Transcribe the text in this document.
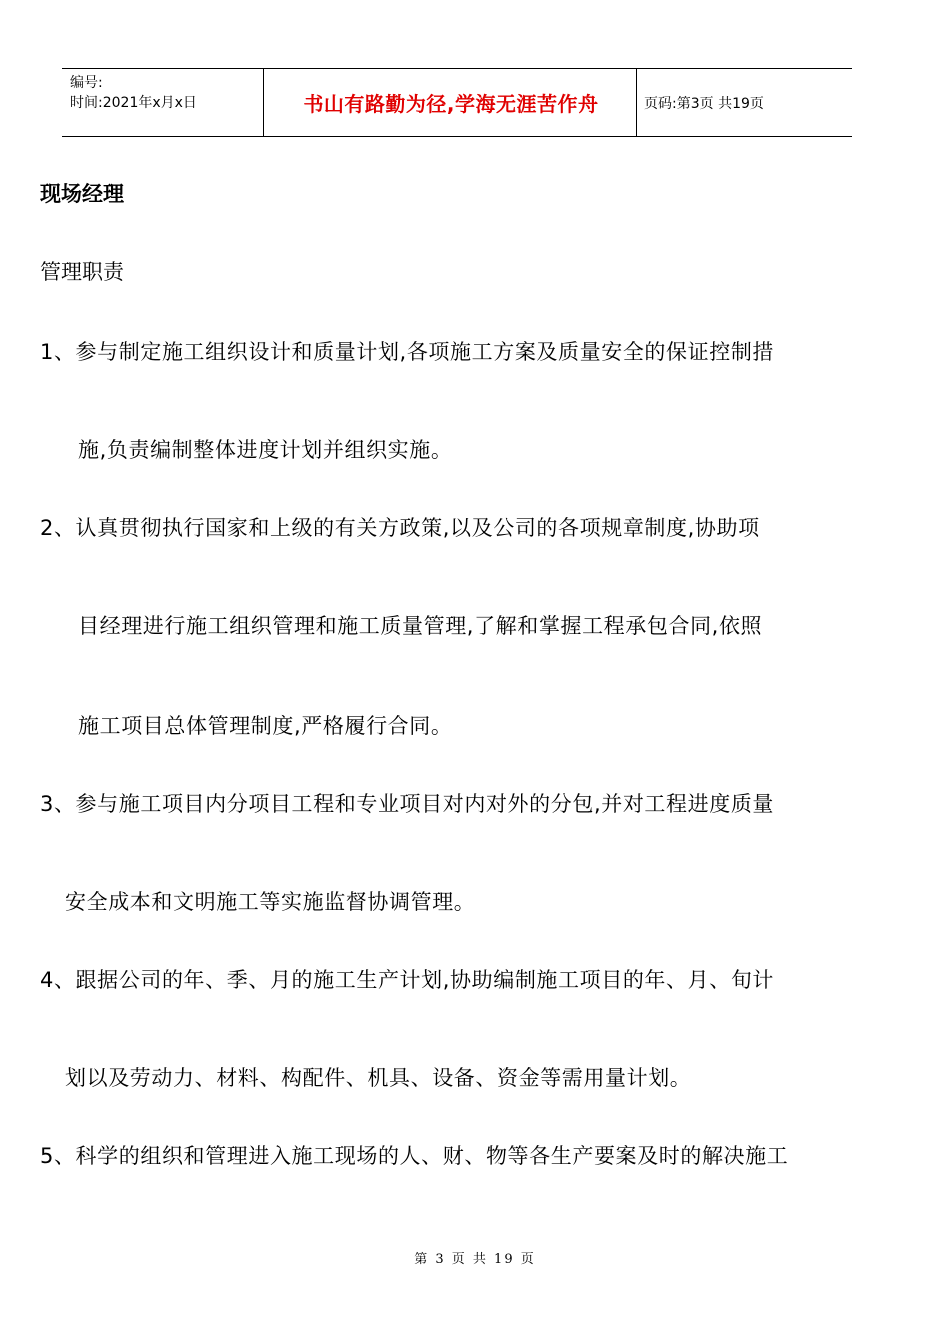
编号:
时间:2021年x月x日	书山有路勤为径,学海无涯苦作舟	页码:第3页 共19页
现场经理
管理职责
1、参与制定施工组织设计和质量计划,各项施工方案及质量安全的保证控制措
施,负责编制整体进度计划并组织实施。
2、认真贯彻执行国家和上级的有关方政策,以及公司的各项规章制度,协助项
目经理进行施工组织管理和施工质量管理,了解和掌握工程承包合同,依照
施工项目总体管理制度,严格履行合同。
3、参与施工项目内分项目工程和专业项目对内对外的分包,并对工程进度质量
安全成本和文明施工等实施监督协调管理。
4、跟据公司的年、季、月的施工生产计划,协助编制施工项目的年、月、旬计
划以及劳动力、材料、构配件、机具、设备、资金等需用量计划。
5、科学的组织和管理进入施工现场的人、财、物等各生产要案及时的解决施工
第 3 页 共 19 页
